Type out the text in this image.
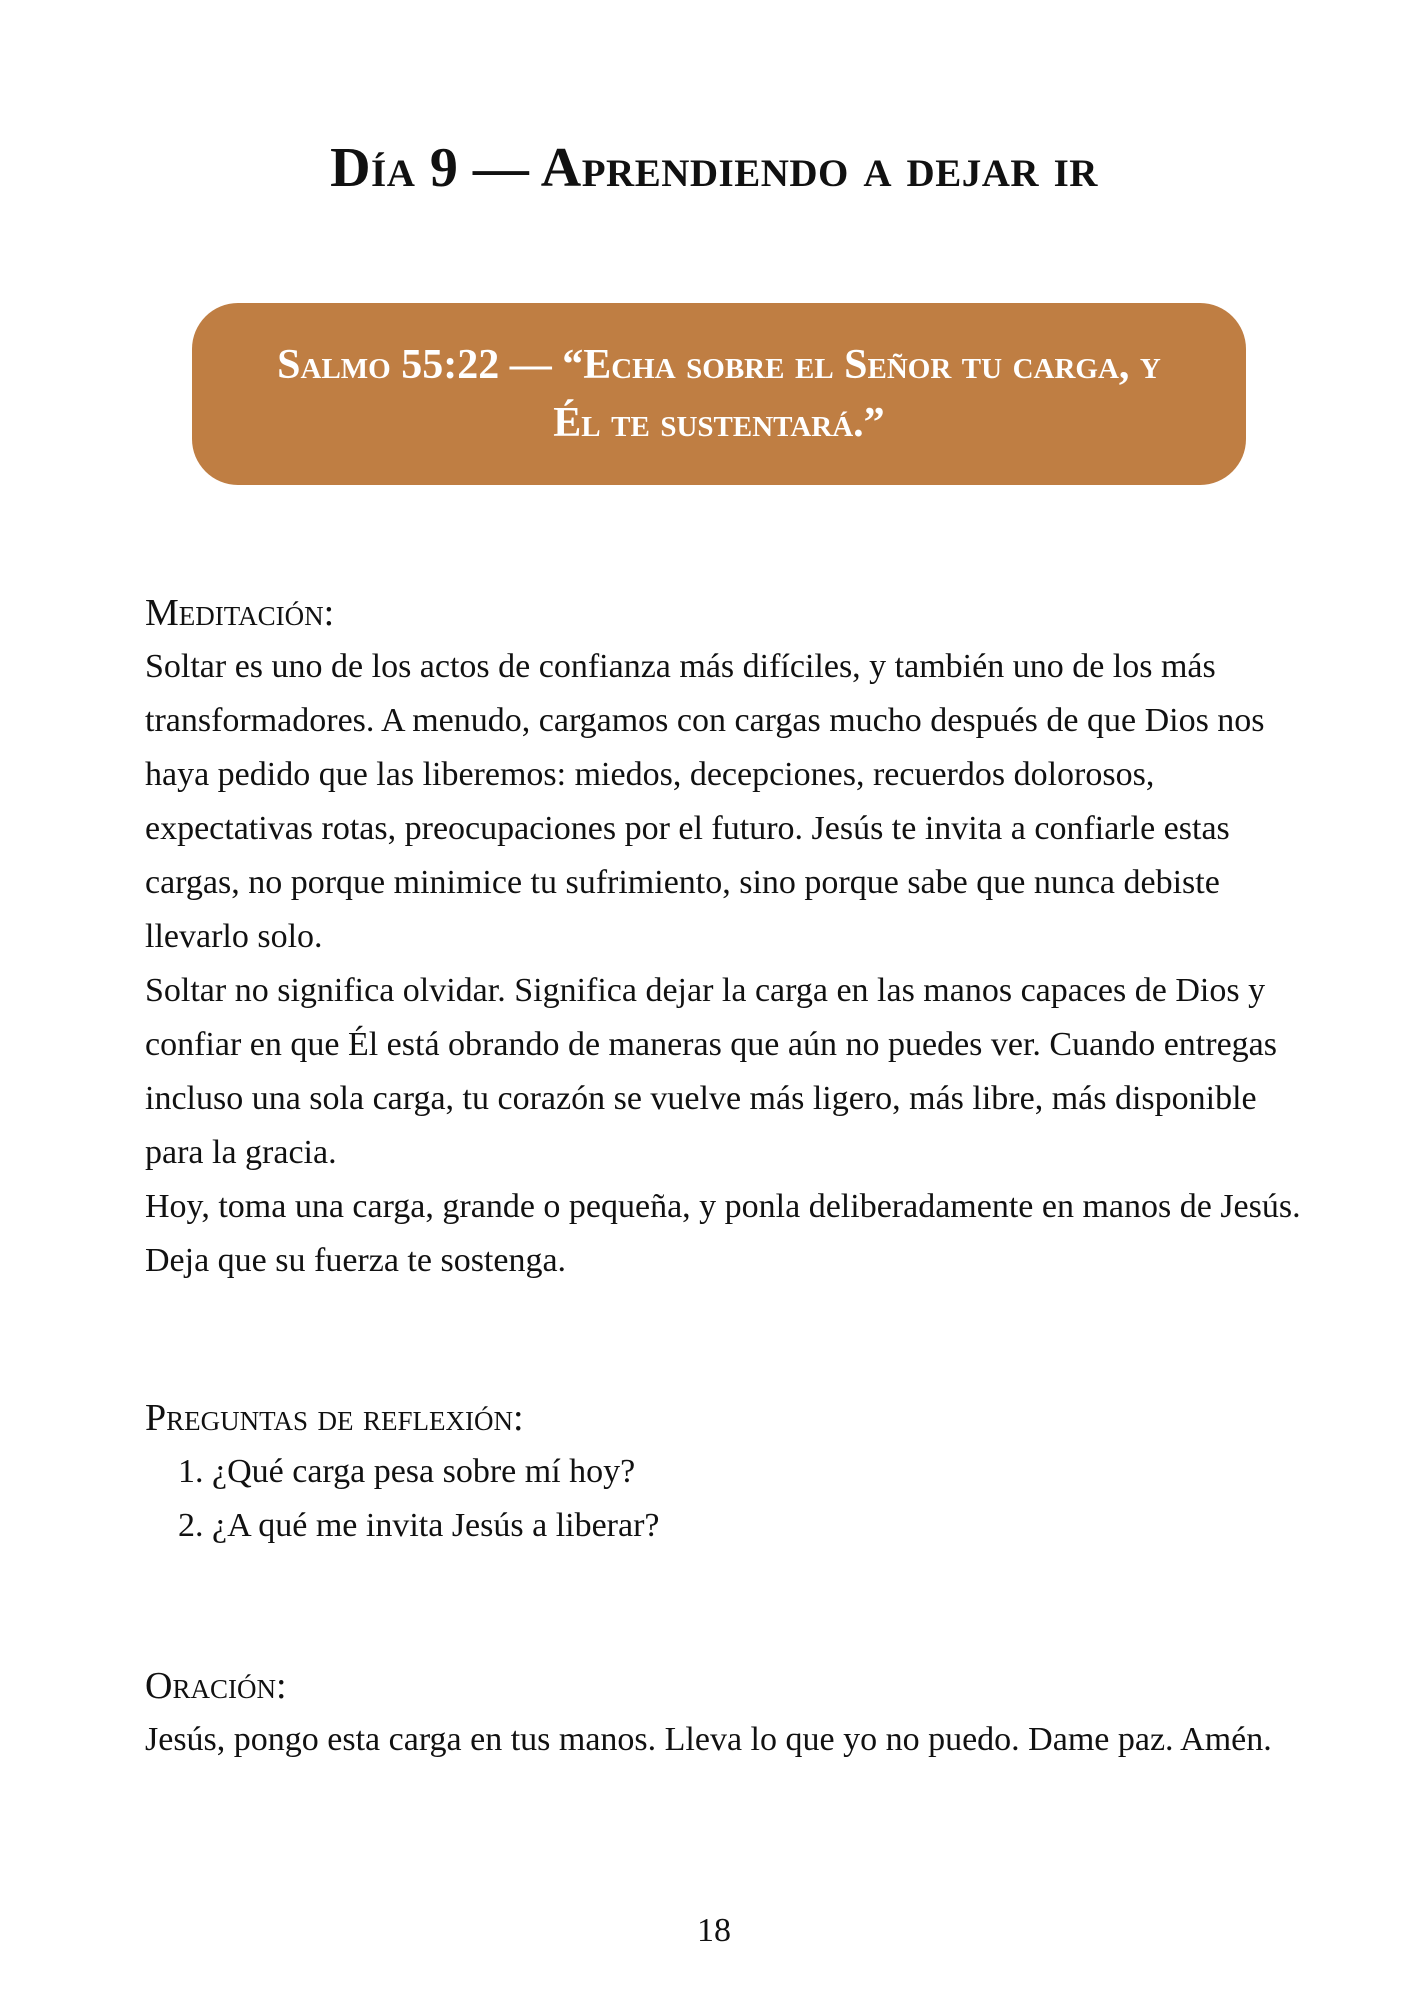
Día 9 — Aprendiendo a dejar ir

Salmo 55:22 — “Echa sobre el Señor tu carga, y Él te sustentará.”

Meditación:

Soltar es uno de los actos de confianza más difíciles, y también uno de los más transformadores. A menudo, cargamos con cargas mucho después de que Dios nos haya pedido que las liberemos: miedos, decepciones, recuerdos dolorosos, expectativas rotas, preocupaciones por el futuro. Jesús te invita a confiarle estas cargas, no porque minimice tu sufrimiento, sino porque sabe que nunca debiste llevarlo solo.

Soltar no significa olvidar. Significa dejar la carga en las manos capaces de Dios y confiar en que Él está obrando de maneras que aún no puedes ver. Cuando entregas incluso una sola carga, tu corazón se vuelve más ligero, más libre, más disponible para la gracia.

Hoy, toma una carga, grande o pequeña, y ponla deliberadamente en manos de Jesús. Deja que su fuerza te sostenga.

Preguntas de reflexión:
1. ¿Qué carga pesa sobre mí hoy?
2. ¿A qué me invita Jesús a liberar?
Oración:

Jesús, pongo esta carga en tus manos. Lleva lo que yo no puedo. Dame paz. Amén.

18
